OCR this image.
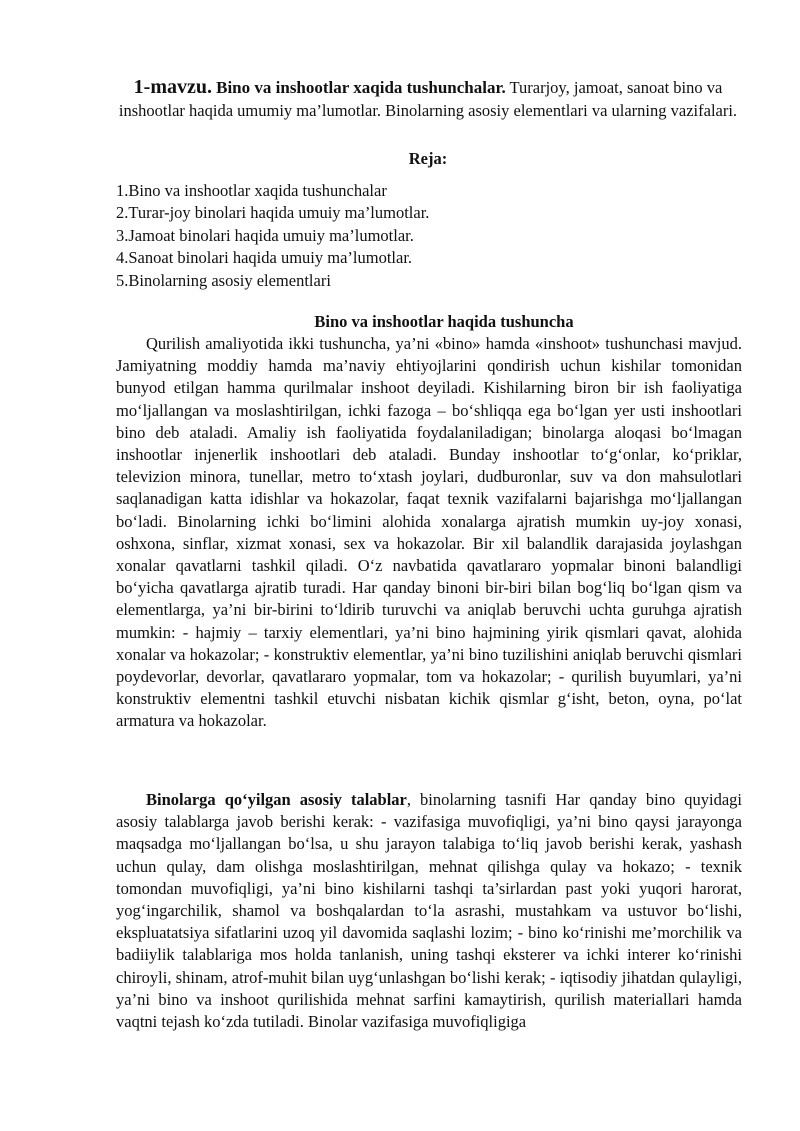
1-mavzu. Bino va inshootlar xaqida tushunchalar. Turarjoy, jamoat, sanoat bino va inshootlar haqida umumiy ma’lumotlar. Binolarning asosiy elementlari va ularning vazifalari.
Reja:
1.Bino va inshootlar xaqida tushunchalar
2.Turar-joy binolari haqida umuiy ma’lumotlar.
3.Jamoat binolari haqida umuiy ma’lumotlar.
4.Sanoat binolari haqida umuiy ma’lumotlar.
5.Binolarning asosiy elementlari
Bino va inshootlar haqida tushuncha

Qurilish amaliyotida ikki tushuncha, ya’ni «bino» hamda «inshoot» tushunchasi mavjud. Jamiyatning moddiy hamda ma’naviy ehtiyojlarini qondirish uchun kishilar tomonidan bunyod etilgan hamma qurilmalar inshoot deyiladi. Kishilarning biron bir ish faoliyatiga mo‘ljallangan va moslashtirilgan, ichki fazoga – bo‘shliqqa ega bo‘lgan yer usti inshootlari bino deb ataladi. Amaliy ish faoliyatida foydalaniladigan; binolarga aloqasi bo‘lmagan inshootlar injenerlik inshootlari deb ataladi. Bunday inshootlar to‘g‘onlar, ko‘priklar, televizion minora, tunellar, metro to‘xtash joylari, dudburonlar, suv va don mahsulotlari saqlanadigan katta idishlar va hokazolar, faqat texnik vazifalarni bajarishga mo‘ljallangan bo‘ladi. Binolarning ichki bo‘limini alohida xonalarga ajratish mumkin uy-joy xonasi, oshxona, sinflar, xizmat xonasi, sex va hokazolar. Bir xil balandlik darajasida joylashgan xonalar qavatlarni tashkil qiladi. O‘z navbatida qavatlararo yopmalar binoni balandligi bo‘yicha qavatlarga ajratib turadi. Har qanday binoni bir-biri bilan bog‘liq bo‘lgan qism va elementlarga, ya’ni bir-birini to‘ldirib turuvchi va aniqlab beruvchi uchta guruhga ajratish mumkin: ‐ hajmiy – tarxiy elementlari, ya’ni bino hajmining yirik qismlari qavat, alohida xonalar va hokazolar; ‐ konstruktiv elementlar, ya’ni bino tuzilishini aniqlab beruvchi qismlari poydevorlar, devorlar, qavatlararo yopmalar, tom va hokazolar; ‐ qurilish buyumlari, ya’ni konstruktiv elementni tashkil etuvchi nisbatan kichik qismlar g‘isht, beton, oyna, po‘lat armatura va hokazolar.

Binolarga qo‘yilgan asosiy talablar, binolarning tasnifi Har qanday bino quyidagi asosiy talablarga javob berishi kerak: ‐ vazifasiga muvofiqligi, ya’ni bino qaysi jarayonga maqsadga mo‘ljallangan bo‘lsa, u shu jarayon talabiga to‘liq javob berishi kerak, yashash uchun qulay, dam olishga moslashtirilgan, mehnat qilishga qulay va hokazo; ‐ texnik tomondan muvofiqligi, ya’ni bino kishilarni tashqi ta’sirlardan past yoki yuqori harorat, yog‘ingarchilik, shamol va boshqalardan to‘la asrashi, mustahkam va ustuvor bo‘lishi, ekspluatatsiya sifatlarini uzoq yil davomida saqlashi lozim; ‐ bino ko‘rinishi me’morchilik va badiiylik talablariga mos holda tanlanish, uning tashqi eksterer va ichki interer ko‘rinishi chiroyli, shinam, atrof-muhit bilan uyg‘unlashgan bo‘lishi kerak; ‐ iqtisodiy jihatdan qulayligi, ya’ni bino va inshoot qurilishida mehnat sarfini kamaytirish, qurilish materiallari hamda vaqtni tejash ko‘zda tutiladi. Binolar vazifasiga muvofiqligiga
